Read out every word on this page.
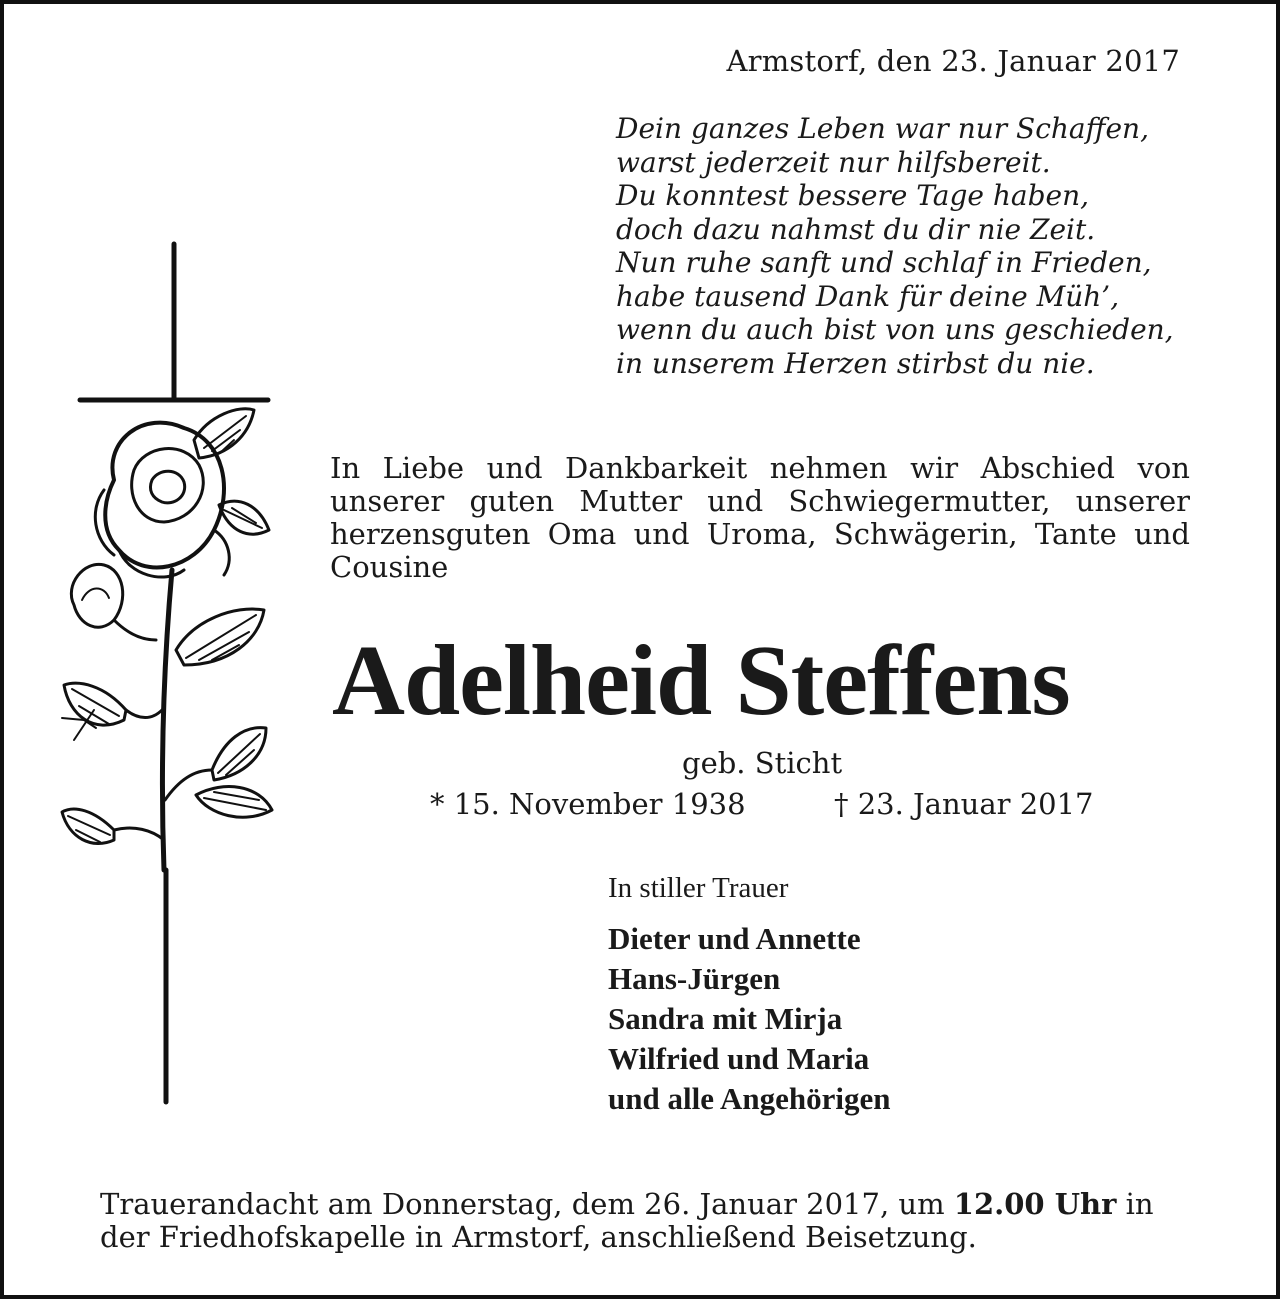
Armstorf, den 23. Januar 2017
Dein ganzes Leben war nur Schaffen,
warst jederzeit nur hilfsbereit.
Du konntest bessere Tage haben,
doch dazu nahmst du dir nie Zeit.
Nun ruhe sanft und schlaf in Frieden,
habe tausend Dank für deine Müh’,
wenn du auch bist von uns geschieden,
in unserem Herzen stirbst du nie.
In Liebe und Dankbarkeit nehmen wir Abschied von unserer guten Mutter und Schwiegermutter, unserer herzensguten Oma und Uroma, Schwägerin, Tante und Cousine
Adelheid Steffens
geb. Sticht
* 15. November 1938	† 23. Januar 2017
In stiller Trauer
Dieter und Annette
Hans-Jürgen
Sandra mit Mirja
Wilfried und Maria
und alle Angehörigen
Trauerandacht am Donnerstag, dem 26. Januar 2017, um 12.00 Uhr in der Friedhofskapelle in Armstorf, anschließend Beisetzung.
